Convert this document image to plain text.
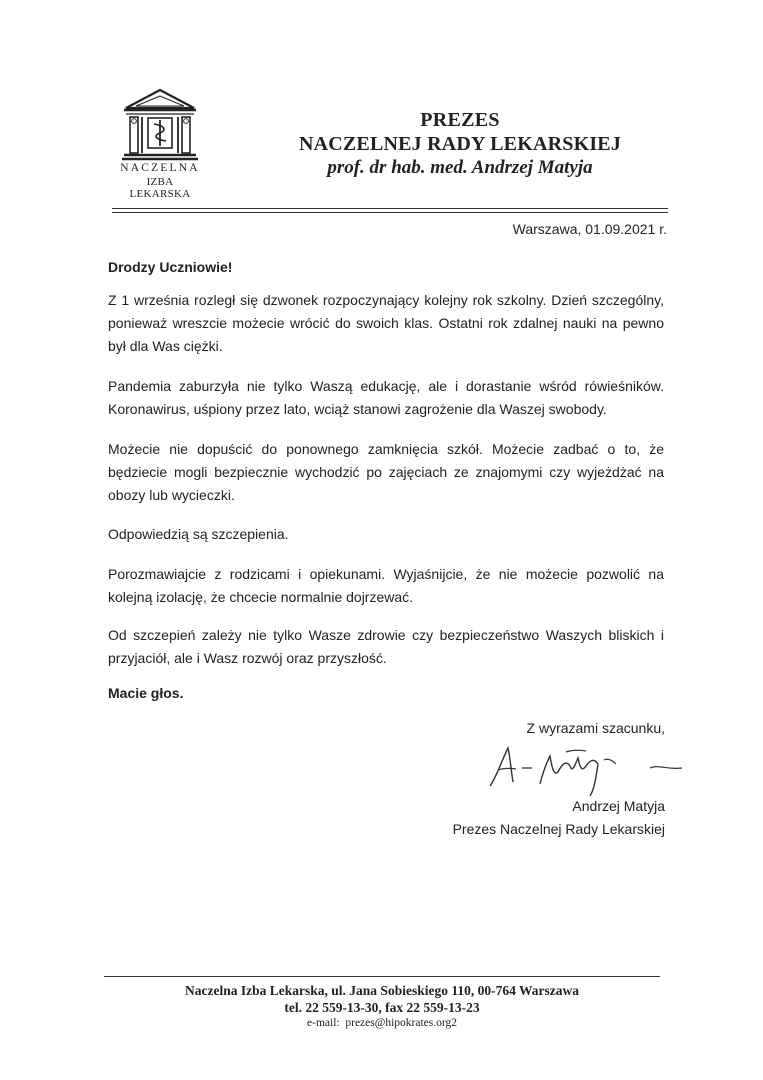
NACZELNA
IZBA LEKARSKA
PREZES
NACZELNEJ RADY LEKARSKIEJ
prof. dr hab. med. Andrzej Matyja
Warszawa, 01.09.2021 r.
Drodzy Uczniowie!
Z 1 września rozległ się dzwonek rozpoczynający kolejny rok szkolny. Dzień szczególny, ponieważ wreszcie możecie wrócić do swoich klas. Ostatni rok zdalnej nauki na pewno był dla Was ciężki.
Pandemia zaburzyła nie tylko Waszą edukację, ale i dorastanie wśród rówieśników. Koronawirus, uśpiony przez lato, wciąż stanowi zagrożenie dla Waszej swobody.
Możecie nie dopuścić do ponownego zamknięcia szkół. Możecie zadbać o to, że będziecie mogli bezpiecznie wychodzić po zajęciach ze znajomymi czy wyjeżdżać na obozy lub wycieczki.
Odpowiedzią są szczepienia.
Porozmawiajcie z rodzicami i opiekunami. Wyjaśnijcie, że nie możecie pozwolić na kolejną izolację, że chcecie normalnie dojrzewać.
Od szczepień zależy nie tylko Wasze zdrowie czy bezpieczeństwo Waszych bliskich i przyjaciół, ale i Wasz rozwój oraz przyszłość.
Macie głos.
Z wyrazami szacunku,
Andrzej Matyja
Prezes Naczelnej Rady Lekarskiej
Naczelna Izba Lekarska, ul. Jana Sobieskiego 110, 00-764 Warszawa
tel. 22 559-13-30, fax 22 559-13-23
e-mail: prezes@hipokrates.org2
